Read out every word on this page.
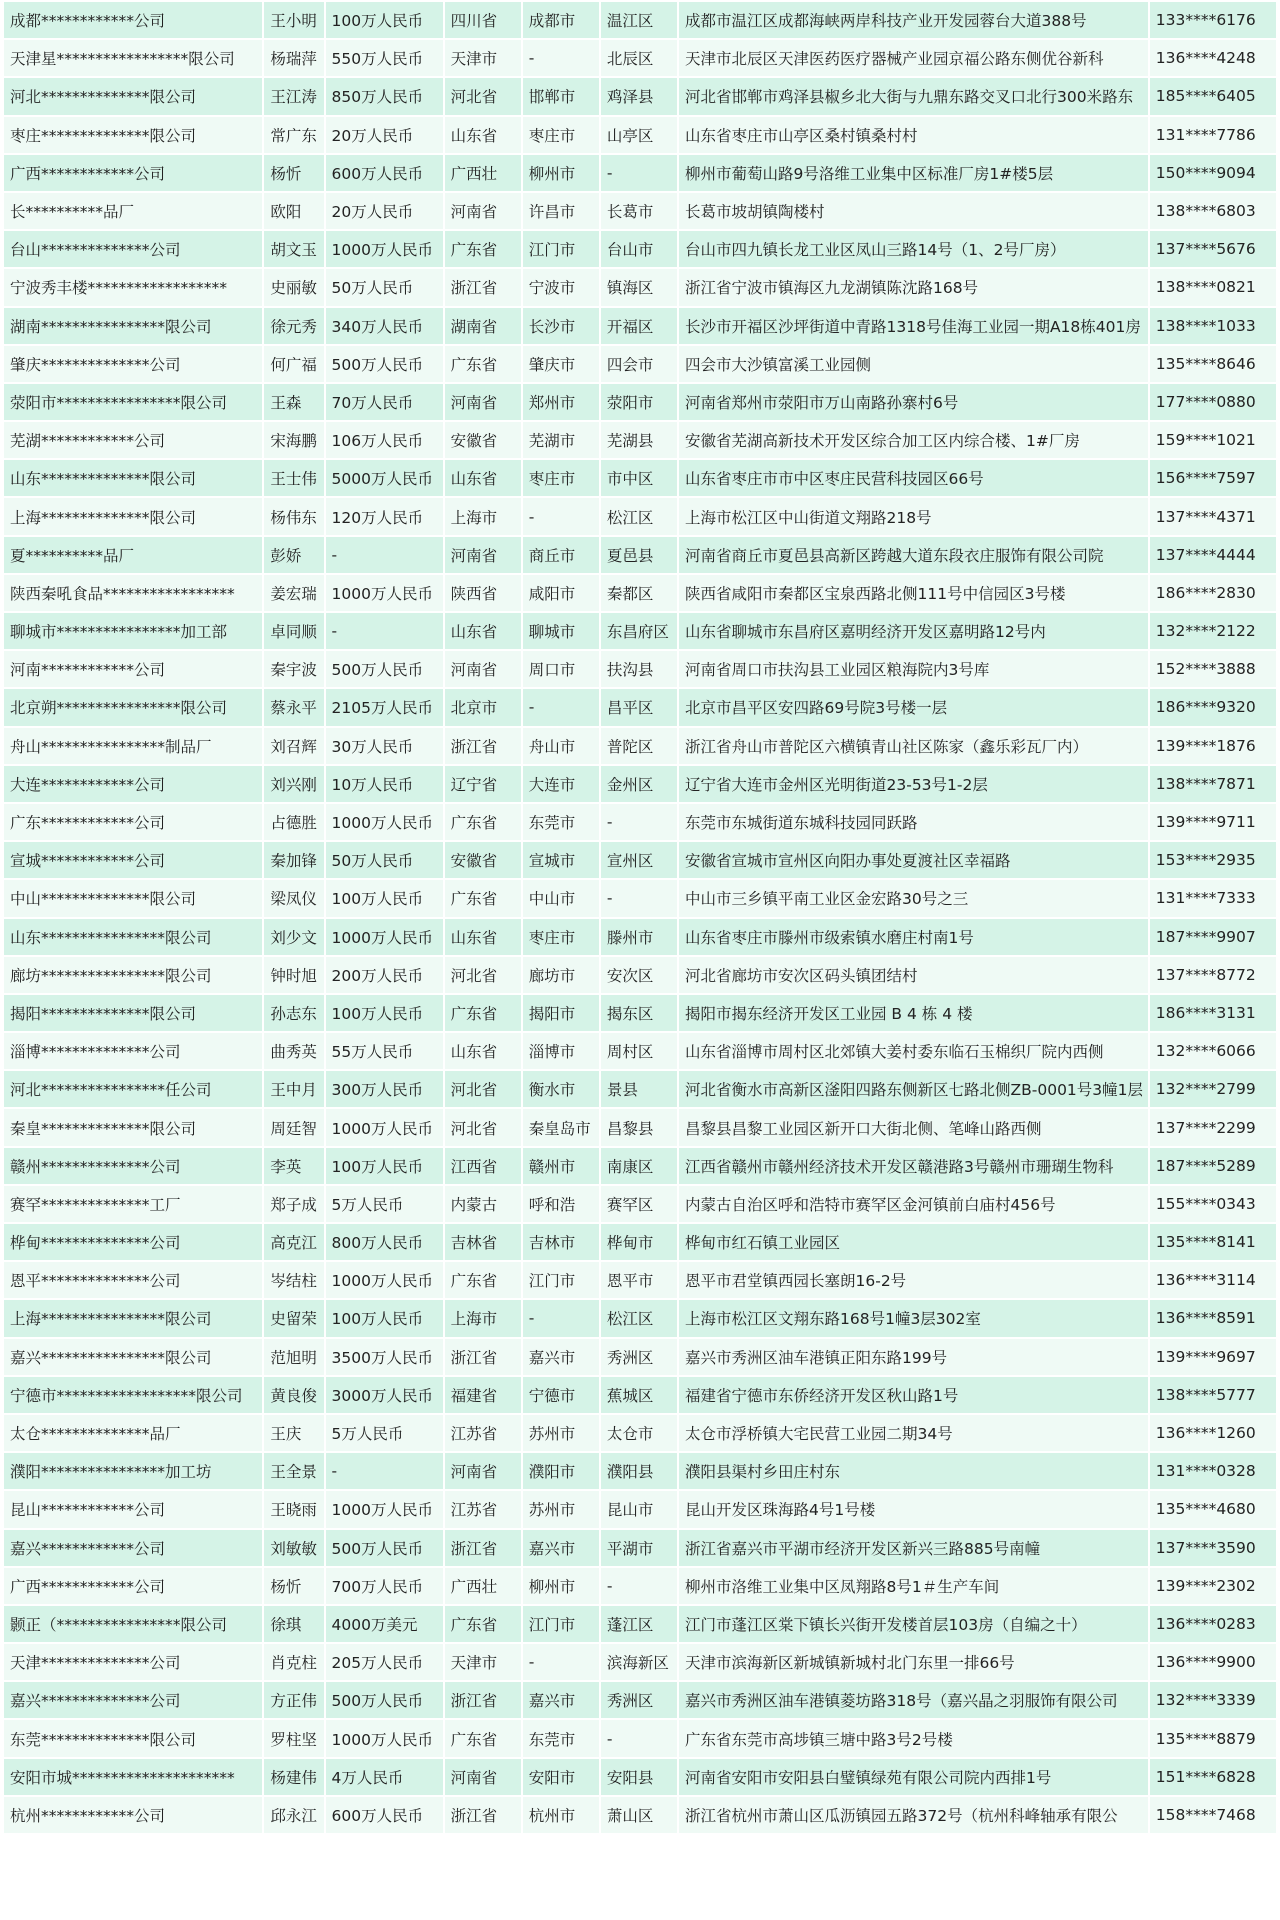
成都************公司	王小明	100万人民币	四川省	成都市	温江区	成都市温江区成都海峡两岸科技产业开发园蓉台大道388号	133****6176
天津星*****************限公司	杨瑞萍	550万人民币	天津市	-	北辰区	天津市北辰区天津医药医疗器械产业园京福公路东侧优谷新科	136****4248
河北**************限公司	王江涛	850万人民币	河北省	邯郸市	鸡泽县	河北省邯郸市鸡泽县椒乡北大街与九鼎东路交叉口北行300米路东	185****6405
枣庄**************限公司	常广东	20万人民币	山东省	枣庄市	山亭区	山东省枣庄市山亭区桑村镇桑村村	131****7786
广西************公司	杨忻	600万人民币	广西壮	柳州市	-	柳州市葡萄山路9号洛维工业集中区标准厂房1#楼5层	150****9094
长**********品厂	欧阳	20万人民币	河南省	许昌市	长葛市	长葛市坡胡镇陶楼村	138****6803
台山**************公司	胡文玉	1000万人民币	广东省	江门市	台山市	台山市四九镇长龙工业区凤山三路14号（1、2号厂房）	137****5676
宁波秀丰楼******************	史丽敏	50万人民币	浙江省	宁波市	镇海区	浙江省宁波市镇海区九龙湖镇陈沈路168号	138****0821
湖南****************限公司	徐元秀	340万人民币	湖南省	长沙市	开福区	长沙市开福区沙坪街道中青路1318号佳海工业园一期A18栋401房	138****1033
肇庆**************公司	何广福	500万人民币	广东省	肇庆市	四会市	四会市大沙镇富溪工业园侧	135****8646
荥阳市****************限公司	王森	70万人民币	河南省	郑州市	荥阳市	河南省郑州市荥阳市万山南路孙寨村6号	177****0880
芜湖************公司	宋海鹏	106万人民币	安徽省	芜湖市	芜湖县	安徽省芜湖高新技术开发区综合加工区内综合楼、1#厂房	159****1021
山东**************限公司	王士伟	5000万人民币	山东省	枣庄市	市中区	山东省枣庄市市中区枣庄民营科技园区66号	156****7597
上海**************限公司	杨伟东	120万人民币	上海市	-	松江区	上海市松江区中山街道文翔路218号	137****4371
夏**********品厂	彭娇	-	河南省	商丘市	夏邑县	河南省商丘市夏邑县高新区跨越大道东段衣庄服饰有限公司院	137****4444
陕西秦吼食品*****************	姜宏瑞	1000万人民币	陕西省	咸阳市	秦都区	陕西省咸阳市秦都区宝泉西路北侧111号中信园区3号楼	186****2830
聊城市****************加工部	卓同顺	-	山东省	聊城市	东昌府区	山东省聊城市东昌府区嘉明经济开发区嘉明路12号内	132****2122
河南************公司	秦宇波	500万人民币	河南省	周口市	扶沟县	河南省周口市扶沟县工业园区粮海院内3号库	152****3888
北京朔****************限公司	蔡永平	2105万人民币	北京市	-	昌平区	北京市昌平区安四路69号院3号楼一层	186****9320
舟山****************制品厂	刘召辉	30万人民币	浙江省	舟山市	普陀区	浙江省舟山市普陀区六横镇青山社区陈家（鑫乐彩瓦厂内）	139****1876
大连************公司	刘兴刚	10万人民币	辽宁省	大连市	金州区	辽宁省大连市金州区光明街道23-53号1-2层	138****7871
广东************公司	占德胜	1000万人民币	广东省	东莞市	-	东莞市东城街道东城科技园同跃路	139****9711
宣城************公司	秦加锋	50万人民币	安徽省	宣城市	宣州区	安徽省宣城市宣州区向阳办事处夏渡社区幸福路	153****2935
中山**************限公司	梁凤仪	100万人民币	广东省	中山市	-	中山市三乡镇平南工业区金宏路30号之三	131****7333
山东****************限公司	刘少文	1000万人民币	山东省	枣庄市	滕州市	山东省枣庄市滕州市级索镇水磨庄村南1号	187****9907
廊坊****************限公司	钟时旭	200万人民币	河北省	廊坊市	安次区	河北省廊坊市安次区码头镇团结村	137****8772
揭阳**************限公司	孙志东	100万人民币	广东省	揭阳市	揭东区	揭阳市揭东经济开发区工业园 B 4 栋 4 楼	186****3131
淄博**************公司	曲秀英	55万人民币	山东省	淄博市	周村区	山东省淄博市周村区北郊镇大姜村委东临石玉棉织厂院内西侧	132****6066
河北****************任公司	王中月	300万人民币	河北省	衡水市	景县	河北省衡水市高新区滏阳四路东侧新区七路北侧ZB-0001号3幢1层	132****2799
秦皇**************限公司	周廷智	1000万人民币	河北省	秦皇岛市	昌黎县	昌黎县昌黎工业园区新开口大街北侧、笔峰山路西侧	137****2299
赣州**************公司	李英	100万人民币	江西省	赣州市	南康区	江西省赣州市赣州经济技术开发区赣港路3号赣州市珊瑚生物科	187****5289
赛罕**************工厂	郑子成	5万人民币	内蒙古	呼和浩	赛罕区	内蒙古自治区呼和浩特市赛罕区金河镇前白庙村456号	155****0343
桦甸**************公司	高克江	800万人民币	吉林省	吉林市	桦甸市	桦甸市红石镇工业园区	135****8141
恩平**************公司	岑结柱	1000万人民币	广东省	江门市	恩平市	恩平市君堂镇西园长塞朗16-2号	136****3114
上海****************限公司	史留荣	100万人民币	上海市	-	松江区	上海市松江区文翔东路168号1幢3层302室	136****8591
嘉兴****************限公司	范旭明	3500万人民币	浙江省	嘉兴市	秀洲区	嘉兴市秀洲区油车港镇正阳东路199号	139****9697
宁德市******************限公司	黄良俊	3000万人民币	福建省	宁德市	蕉城区	福建省宁德市东侨经济开发区秋山路1号	138****5777
太仓**************品厂	王庆	5万人民币	江苏省	苏州市	太仓市	太仓市浮桥镇大宅民营工业园二期34号	136****1260
濮阳****************加工坊	王全景	-	河南省	濮阳市	濮阳县	濮阳县渠村乡田庄村东	131****0328
昆山************公司	王晓雨	1000万人民币	江苏省	苏州市	昆山市	昆山开发区珠海路4号1号楼	135****4680
嘉兴************公司	刘敏敏	500万人民币	浙江省	嘉兴市	平湖市	浙江省嘉兴市平湖市经济开发区新兴三路885号南幢	137****3590
广西************公司	杨忻	700万人民币	广西壮	柳州市	-	柳州市洛维工业集中区凤翔路8号1＃生产车间	139****2302
颢正（****************限公司	徐琪	4000万美元	广东省	江门市	蓬江区	江门市蓬江区棠下镇长兴街开发楼首层103房（自编之十）	136****0283
天津**************公司	肖克柱	205万人民币	天津市	-	滨海新区	天津市滨海新区新城镇新城村北门东里一排66号	136****9900
嘉兴**************公司	方正伟	500万人民币	浙江省	嘉兴市	秀洲区	嘉兴市秀洲区油车港镇菱坊路318号（嘉兴晶之羽服饰有限公司	132****3339
东莞**************限公司	罗柱坚	1000万人民币	广东省	东莞市	-	广东省东莞市高埗镇三塘中路3号2号楼	135****8879
安阳市城*********************	杨建伟	4万人民币	河南省	安阳市	安阳县	河南省安阳市安阳县白璧镇绿苑有限公司院内西排1号	151****6828
杭州************公司	邱永江	600万人民币	浙江省	杭州市	萧山区	浙江省杭州市萧山区瓜沥镇园五路372号（杭州科峰轴承有限公	158****7468
